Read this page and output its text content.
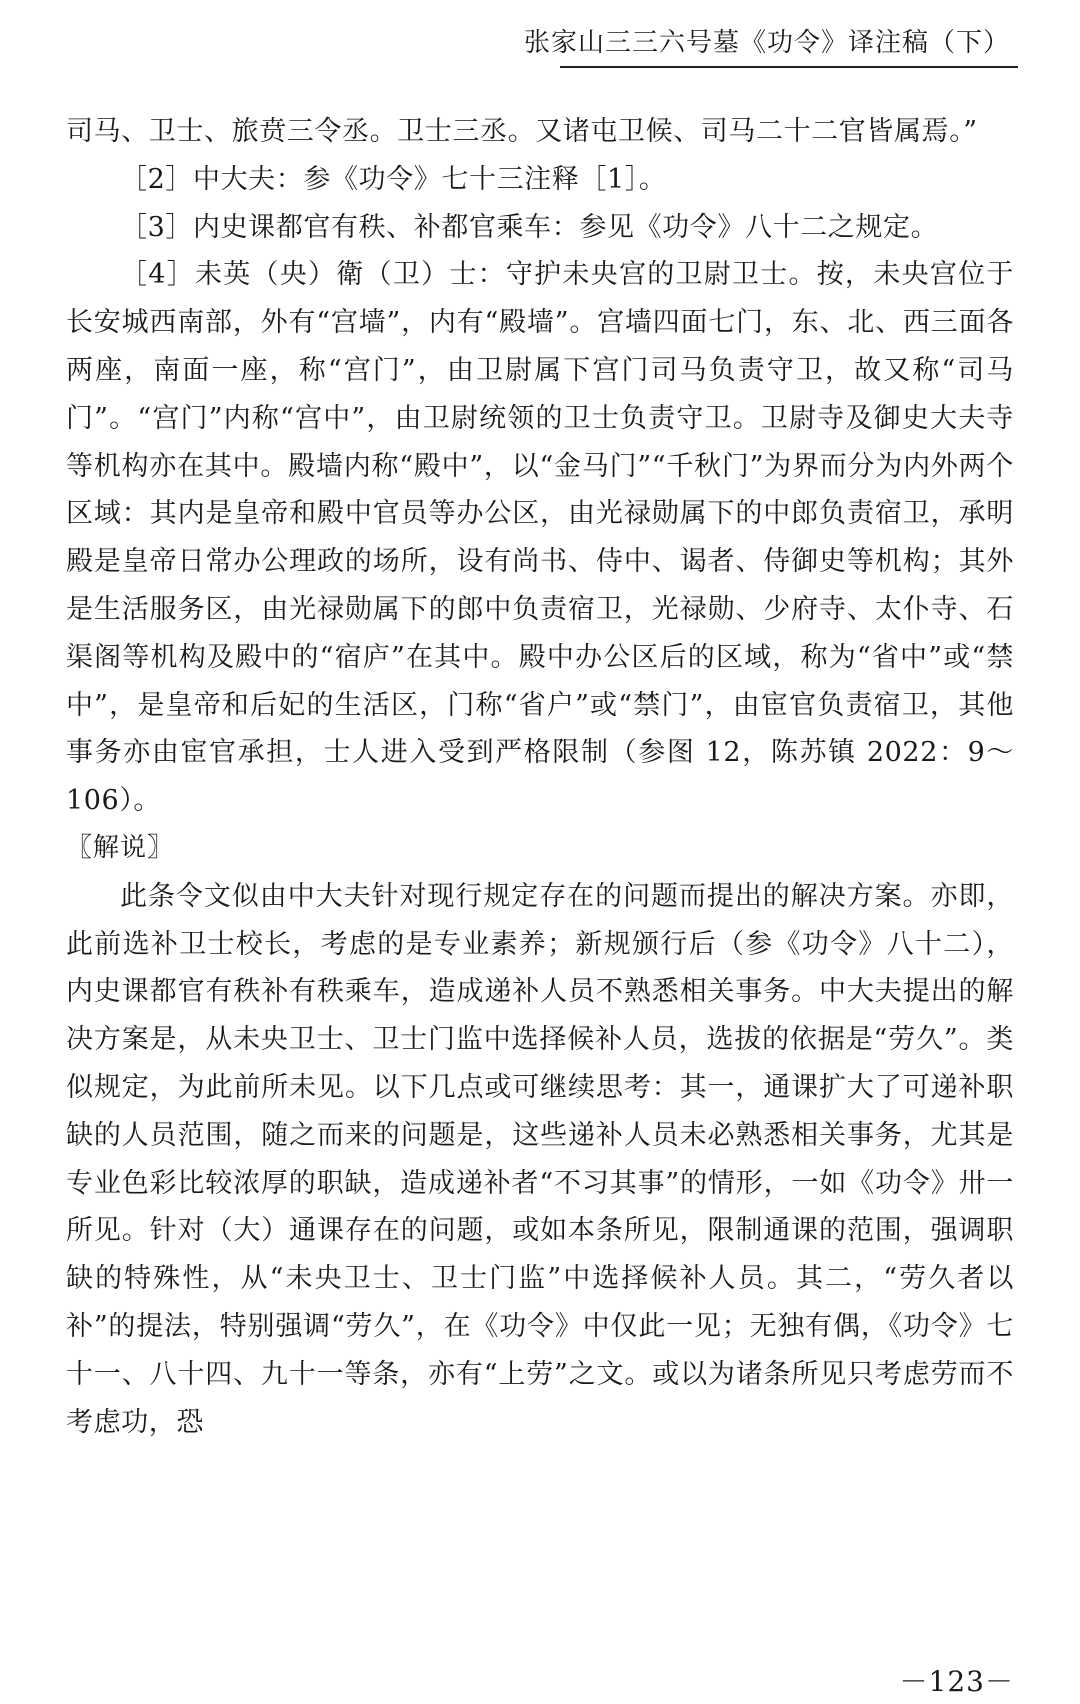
张家山三三六号墓《功令》译注稿（下）

司马、卫士、旅贲三令丞。卫士三丞。又诸屯卫候、司马二十二官皆属焉。”

［2］中大夫：参《功令》七十三注释［1］。

［3］内史课都官有秩、补都官乘车：参见《功令》八十二之规定。

［4］未英（央）衛（卫）士：守护未央宫的卫尉卫士。按，未央宫位于长安城西南部，外有“宫墙”，内有“殿墙”。宫墙四面七门，东、北、西三面各两座，南面一座，称“宫门”，由卫尉属下宫门司马负责守卫，故又称“司马门”。“宫门”内称“宫中”，由卫尉统领的卫士负责守卫。卫尉寺及御史大夫寺等机构亦在其中。殿墙内称“殿中”，以“金马门”“千秋门”为界而分为内外两个区域：其内是皇帝和殿中官员等办公区，由光禄勋属下的中郎负责宿卫，承明殿是皇帝日常办公理政的场所，设有尚书、侍中、谒者、侍御史等机构；其外是生活服务区，由光禄勋属下的郎中负责宿卫，光禄勋、少府寺、太仆寺、石渠阁等机构及殿中的“宿庐”在其中。殿中办公区后的区域，称为“省中”或“禁中”，是皇帝和后妃的生活区，门称“省户”或“禁门”，由宦官负责宿卫，其他事务亦由宦官承担，士人进入受到严格限制（参图 12，陈苏镇 2022：9～106）。

〖解说〗

此条令文似由中大夫针对现行规定存在的问题而提出的解决方案。亦即，此前选补卫士校长，考虑的是专业素养；新规颁行后（参《功令》八十二），内史课都官有秩补有秩乘车，造成递补人员不熟悉相关事务。中大夫提出的解决方案是，从未央卫士、卫士门监中选择候补人员，选拔的依据是“劳久”。类似规定，为此前所未见。以下几点或可继续思考：其一，通课扩大了可递补职缺的人员范围，随之而来的问题是，这些递补人员未必熟悉相关事务，尤其是专业色彩比较浓厚的职缺，造成递补者“不习其事”的情形，一如《功令》卅一所见。针对（大）通课存在的问题，或如本条所见，限制通课的范围，强调职缺的特殊性，从“未央卫士、卫士门监”中选择候补人员。其二，“劳久者以补”的提法，特别强调“劳久”，在《功令》中仅此一见；无独有偶，《功令》七十一、八十四、九十一等条，亦有“上劳”之文。或以为诸条所见只考虑劳而不考虑功，恐

－123－
